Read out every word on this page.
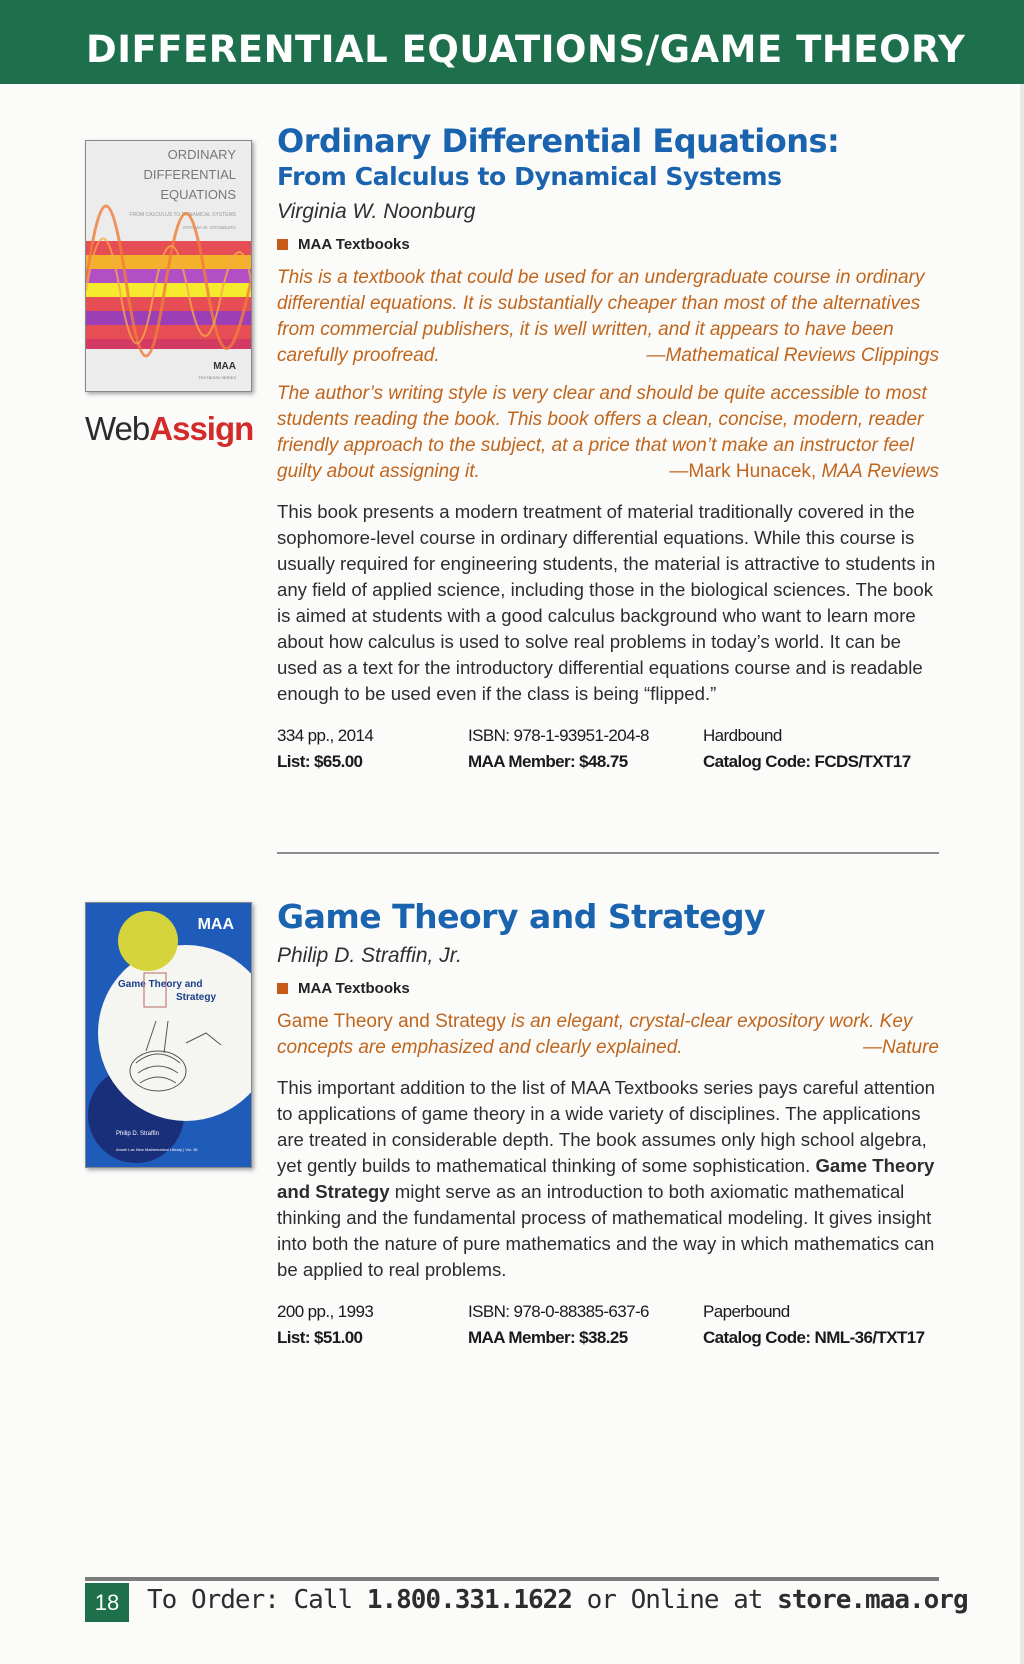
DIFFERENTIAL EQUATIONS/GAME THEORY
ORDINARY
DIFFERENTIAL
EQUATIONS
FROM CALCULUS TO DYNAMICAL SYSTEMS
VIRGINIA W. NOONBURG
MAA
TEXTBOOK SERIES
WebAssign
Ordinary Differential Equations:
From Calculus to Dynamical Systems
Virginia W. Noonburg
MAA Textbooks
This is a textbook that could be used for an undergraduate course in ordinary differential equations. It is substantially cheaper than most of the alternatives from commercial publishers, it is well written, and it appears to have been carefully proofread.	—Mathematical Reviews Clippings
The author’s writing style is very clear and should be quite accessible to most students reading the book. This book offers a clean, concise, modern, reader friendly approach to the subject, at a price that won’t make an instructor feel guilty about assigning it.	—Mark Hunacek, MAA Reviews
This book presents a modern treatment of material traditionally covered in the sophomore-level course in ordinary differential equations. While this course is usually required for engineering students, the material is attractive to students in any field of applied science, including those in the biological sciences. The book is aimed at students with a good calculus background who want to learn more about how calculus is used to solve real problems in today’s world. It can be used as a text for the introductory differential equations course and is readable enough to be used even if the class is being “flipped.”
334 pp., 2014	ISBN: 978-1-93951-204-8	Hardbound
List: $65.00	MAA Member: $48.75	Catalog Code: FCDS/TXT17
MAA
Game Theory and
Strategy
Philip D. Straffin
Anneli Lax New Mathematical Library | Vol. 36
Game Theory and Strategy
Philip D. Straffin, Jr.
MAA Textbooks
Game Theory and Strategy is an elegant, crystal-clear expository work. Key concepts are emphasized and clearly explained.	—Nature
This important addition to the list of MAA Textbooks series pays careful attention to applications of game theory in a wide variety of disciplines. The applications are treated in considerable depth. The book assumes only high school algebra, yet gently builds to mathematical thinking of some sophistication. Game Theory and Strategy might serve as an introduction to both axiomatic mathematical thinking and the fundamental process of mathematical modeling. It gives insight into both the nature of pure mathematics and the way in which mathematics can be applied to real problems.
200 pp., 1993	ISBN: 978-0-88385-637-6	Paperbound
List: $51.00	MAA Member: $38.25	Catalog Code: NML-36/TXT17
18	To Order: Call 1.800.331.1622 or Online at store.maa.org
